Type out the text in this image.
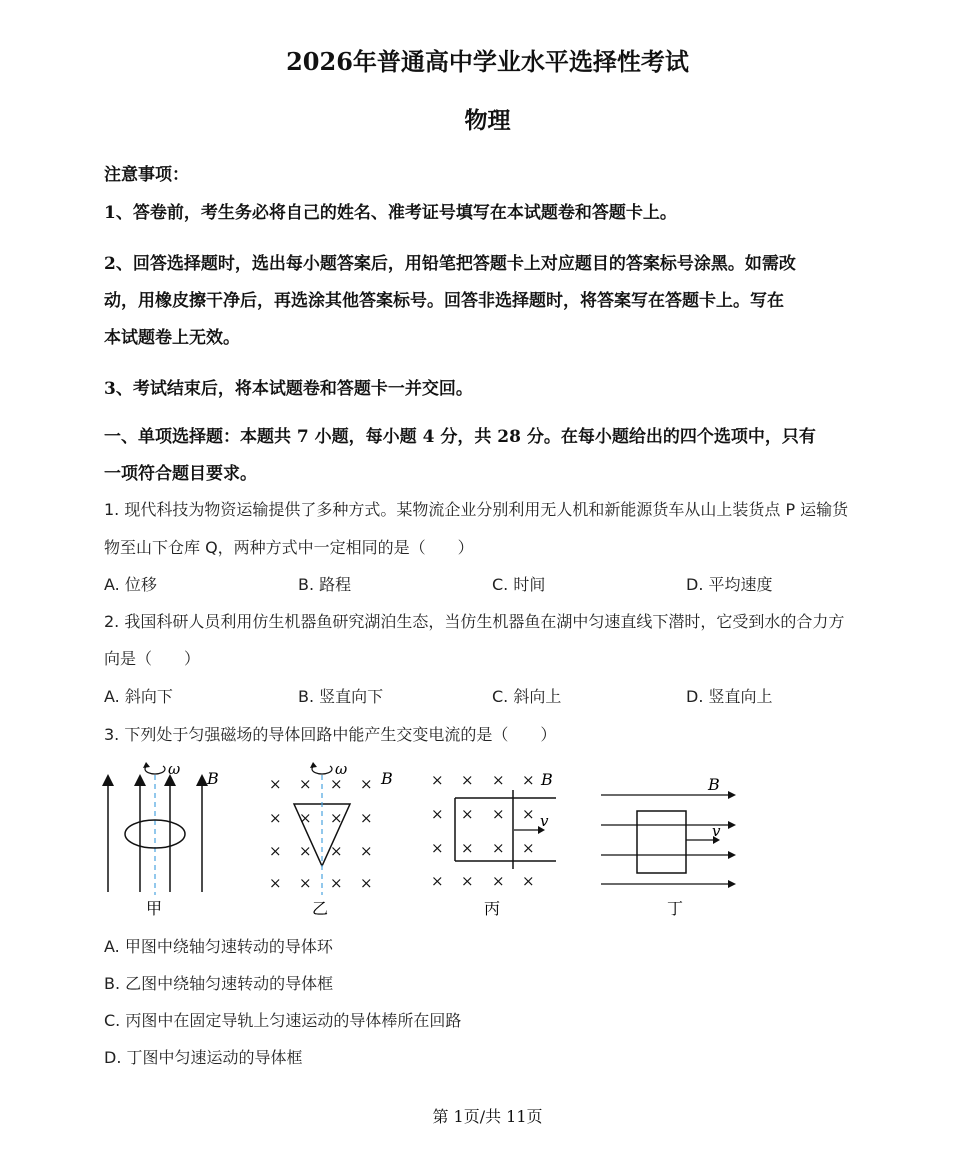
2026年普通高中学业水平选择性考试
物理
注意事项：
1、答卷前，考生务必将自己的姓名、准考证号填写在本试题卷和答题卡上。
2、回答选择题时，选出每小题答案后，用铅笔把答题卡上对应题目的答案标号涂黑。如需改
动，用橡皮擦干净后，再选涂其他答案标号。回答非选择题时，将答案写在答题卡上。写在
本试题卷上无效。
3、考试结束后，将本试题卷和答题卡一并交回。
一、单项选择题：本题共 7 小题，每小题 4 分，共 28 分。在每小题给出的四个选项中，只有
一项符合题目要求。
1. 现代科技为物资运输提供了多种方式。某物流企业分别利用无人机和新能源货车从山上装货点 P 运输货
物至山下仓库 Q，两种方式中一定相同的是（　　）
A. 位移	B. 路程	C. 时间	D. 平均速度
2. 我国科研人员利用仿生机器鱼研究湖泊生态，当仿生机器鱼在湖中匀速直线下潜时，它受到水的合力方
向是（　　）
A. 斜向下	B. 竖直向下	C. 斜向上	D. 竖直向上
3. 下列处于匀强磁场的导体回路中能产生交变电流的是（　　）
ω B
甲
× × × ×
× × × ×
× × × ×
× × × ×
ω B
乙
× × × ×
× × × ×
× × × ×
× × × ×
v
B
丙
v
B
丁
A. 甲图中绕轴匀速转动的导体环
B. 乙图中绕轴匀速转动的导体框
C. 丙图中在固定导轨上匀速运动的导体棒所在回路
D. 丁图中匀速运动的导体框
第 1页/共 11页
